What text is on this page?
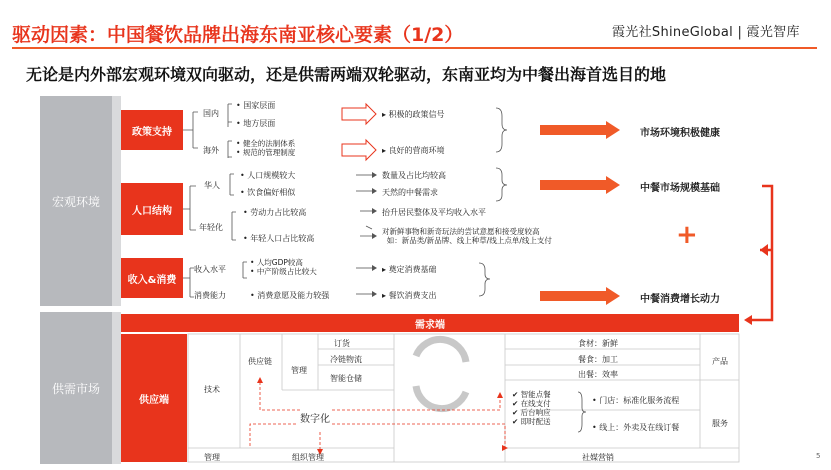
驱动因素：中国餐饮品牌出海东南亚核心要素（1/2）	霞光社ShineGlobal | 霞光智库
无论是内外部宏观环境双向驱动，还是供需两端双轮驱动，东南亚均为中餐出海首选目的地
宏观环境
政策支持
人口结构
收入&消费
国内
• 国家层面
• 地方层面
▸ 积极的政策信号
海外
• 健全的法制体系
• 规范的管理制度	▸ 良好的营商环境
华人
• 人口规模较大
• 饮食偏好相似
数量及占比均较高
天然的中餐需求
年轻化
• 劳动力占比较高
• 年轻人口占比较高
抬升居民整体及平均收入水平
对新鲜事物和新奇玩法的尝试意愿和接受度较高
如：新品类/新品牌、线上种草/线上点单/线上支付
收入水平
• 人均GDP较高
• 中产阶级占比较大	▸ 奠定消费基础
消费能力	• 消费意愿及能力较强	▸ 餐饮消费支出
市场环境积极健康
中餐市场规模基础
中餐消费增长动力
+
供需市场
需求端
供应端
技术
供应链
订货
管理
冷链物流
智能仓储
数字化
管理	组织管理
食材：新鲜
餐食：加工
出餐：效率
产品
✔ 智能点餐
✔ 在线支付
✔ 后台响应
✔ 即时配送
• 门店：标准化服务流程
• 线上：外卖及在线订餐	服务
社媒营销	5
